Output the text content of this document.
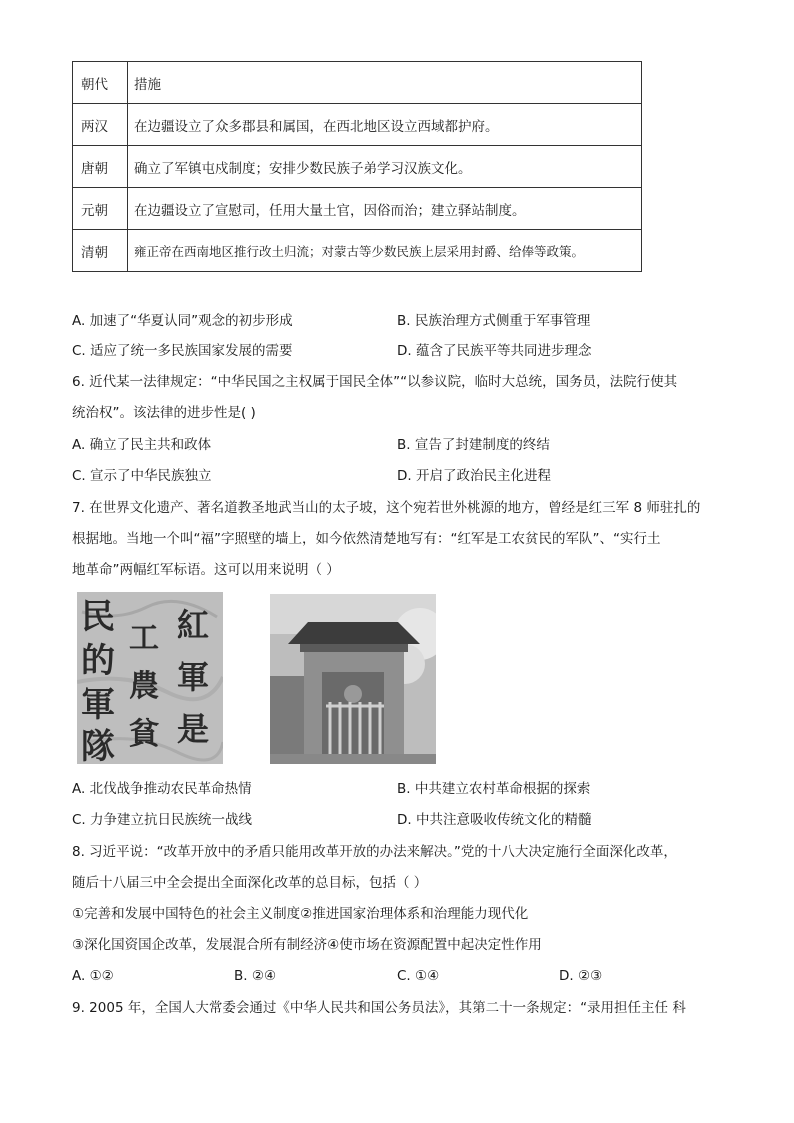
朝代	措施
两汉	在边疆设立了众多郡县和属国，在西北地区设立西域都护府。
唐朝	确立了军镇屯戍制度；安排少数民族子弟学习汉族文化。
元朝	在边疆设立了宣慰司，任用大量土官，因俗而治；建立驿站制度。
清朝	雍正帝在西南地区推行改土归流；对蒙古等少数民族上层采用封爵、给俸等政策。
A. 加速了“华夏认同”观念的初步形成	B. 民族治理方式侧重于军事管理
C. 适应了统一多民族国家发展的需要	D. 蕴含了民族平等共同进步理念
6. 近代某一法律规定：“中华民国之主权属于国民全体”“以参议院，临时大总统，国务员，法院行使其
统治权”。该法律的进步性是( )
A. 确立了民主共和政体	B. 宣告了封建制度的终结
C. 宣示了中华民族独立	D. 开启了政治民主化进程
7. 在世界文化遗产、著名道教圣地武当山的太子坡，这个宛若世外桃源的地方，曾经是红三军 8 师驻扎的
根据地。当地一个叫“福”字照壁的墙上，如今依然清楚地写有：“红军是工农贫民的军队”、“实行土
地革命”两幅红军标语。这可以用来说明（ ）
民
的
軍
隊
工
農
貧
紅
軍
是
A. 北伐战争推动农民革命热情	B. 中共建立农村革命根据的探索
C. 力争建立抗日民族统一战线	D. 中共注意吸收传统文化的精髓
8. 习近平说：“改革开放中的矛盾只能用改革开放的办法来解决。”党的十八大决定施行全面深化改革，
随后十八届三中全会提出全面深化改革的总目标，包括（ ）
①完善和发展中国特色的社会主义制度②推进国家治理体系和治理能力现代化
③深化国资国企改革，发展混合所有制经济④使市场在资源配置中起决定性作用
A. ①②	B. ②④	C. ①④	D. ②③
9. 2005 年，全国人大常委会通过《中华人民共和国公务员法》，其第二十一条规定：“录用担任主任 科
